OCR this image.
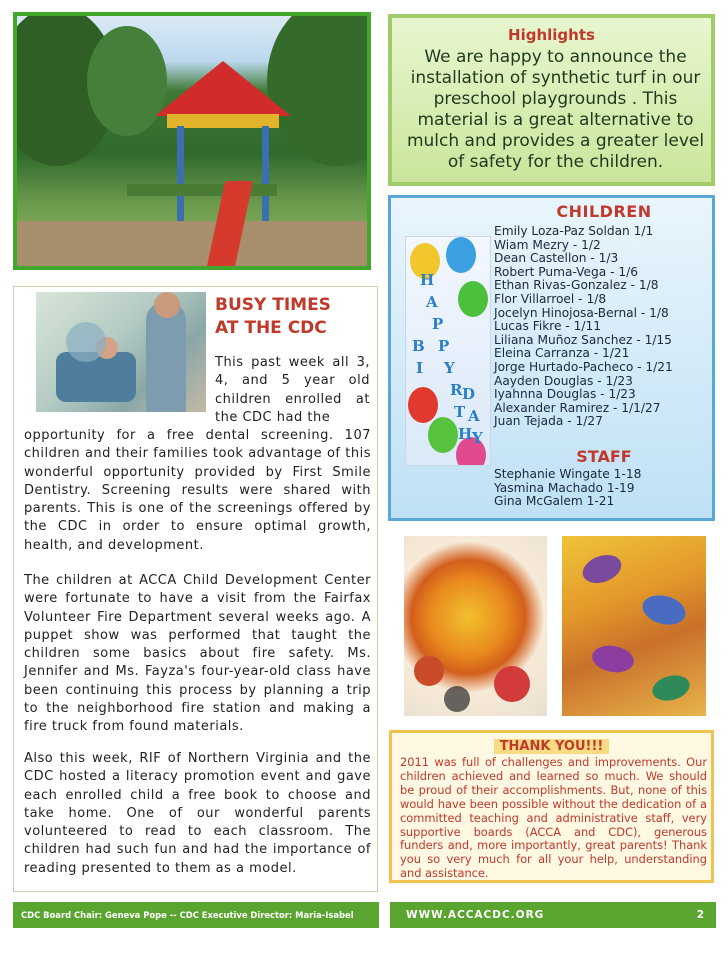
Highlights
We are happy to announce the installation of synthetic turf in our preschool playgrounds . This material is a great alternative to mulch and provides a greater level of safety for the children.
H
A
P
P
Y
B
I
R
T
H
D
A
Y
CHILDREN
Emily Loza-Paz Soldan 1/1
Wiam Mezry - 1/2
Dean Castellon - 1/3
Robert Puma-Vega - 1/6
Ethan Rivas-Gonzalez - 1/8
Flor Villarroel - 1/8
Jocelyn Hinojosa-Bernal - 1/8
Lucas Fikre - 1/11
Liliana Muñoz Sanchez - 1/15
Eleina Carranza - 1/21
Jorge Hurtado-Pacheco - 1/21
Aayden Douglas - 1/23
Iyahnna Douglas - 1/23
Alexander Ramirez - 1/1/27
Juan Tejada - 1/27
STAFF
Stephanie Wingate 1-18
Yasmina Machado 1-19
Gina McGalem 1-21
BUSY TIMES
AT THE CDC
This past week all 3, 4, and 5 year old children enrolled at the CDC had the
opportunity for a free dental screening. 107 children and their families took advantage of this wonderful opportunity provided by First Smile Dentistry. Screening results were shared with parents. This is one of the screenings offered by the CDC in order to ensure optimal growth, health, and development.
The children at ACCA Child Development Center were fortunate to have a visit from the Fairfax Volunteer Fire Department several weeks ago. A puppet show was performed that taught the children some basics about fire safety. Ms. Jennifer and Ms. Fayza's four-year-old class have been continuing this process by planning a trip to the neighborhood fire station and making a fire truck from found materials.
Also this week, RIF of Northern Virginia and the CDC hosted a literacy promotion event and gave each enrolled child a free book to choose and take home. One of our wonderful parents volunteered to read to each classroom. The children had such fun and had the importance of reading presented to them as a model.
THANK YOU!!!
2011 was full of challenges and improvements. Our children achieved and learned so much. We should be proud of their accomplishments. But, none of this would have been possible without the dedication of a committed teaching and administrative staff, very supportive boards (ACCA and CDC), generous funders and, more importantly, great parents! Thank you so very much for all your help, understanding and assistance.
CDC Board Chair: Geneva Pope -- CDC Executive Director: Maria-Isabel Ballivian
WWW.ACCACDC.ORG	2
